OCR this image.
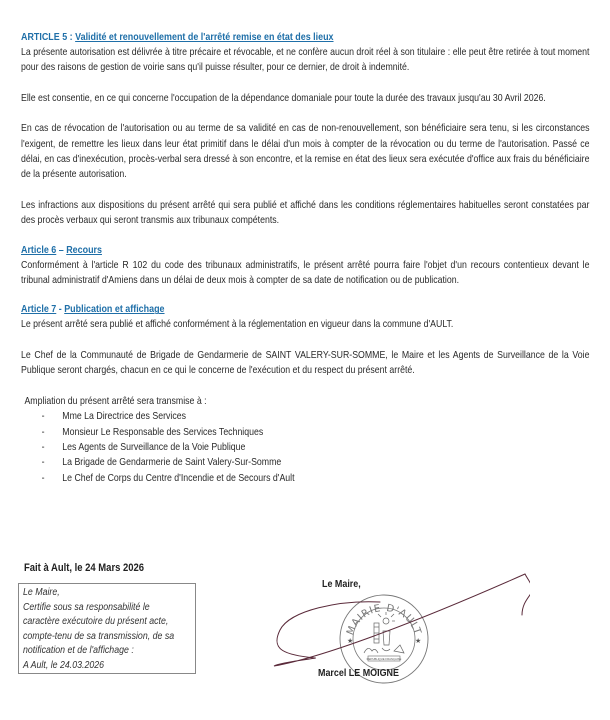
ARTICLE 5 : Validité et renouvellement de l'arrêté remise en état des lieux

La présente autorisation est délivrée à titre précaire et révocable, et ne confère aucun droit réel à son titulaire : elle peut être retirée à tout moment pour des raisons de gestion de voirie sans qu'il puisse résulter, pour ce dernier, de droit à indemnité.

Elle est consentie, en ce qui concerne l'occupation de la dépendance domaniale pour toute la durée des travaux jusqu'au 30 Avril 2026.

En cas de révocation de l'autorisation ou au terme de sa validité en cas de non-renouvellement, son bénéficiaire sera tenu, si les circonstances l'exigent, de remettre les lieux dans leur état primitif dans le délai d'un mois à compter de la révocation ou du terme de l'autorisation. Passé ce délai, en cas d'inexécution, procès-verbal sera dressé à son encontre, et la remise en état des lieux sera exécutée d'office aux frais du bénéficiaire de la présente autorisation.

Les infractions aux dispositions du présent arrêté qui sera publié et affiché dans les conditions réglementaires habituelles seront constatées par des procès verbaux qui seront transmis aux tribunaux compétents.

Article 6 – Recours

Conformément à l'article R 102 du code des tribunaux administratifs, le présent arrêté pourra faire l'objet d'un recours contentieux devant le tribunal administratif d'Amiens dans un délai de deux mois à compter de sa date de notification ou de publication.

Article 7 - Publication et affichage

Le présent arrêté sera publié et affiché conformément à la réglementation en vigueur dans la commune d'AULT.

Le Chef de la Communauté de Brigade de Gendarmerie de SAINT VALERY-SUR-SOMME, le Maire et les Agents de Surveillance de la Voie Publique seront chargés, chacun en ce qui le concerne de l'exécution et du respect du présent arrêté.

Ampliation du présent arrêté sera transmise à :
- Mme La Directrice des Services
- Monsieur Le Responsable des Services Techniques
- Les Agents de Surveillance de la Voie Publique
- La Brigade de Gendarmerie de Saint Valery-Sur-Somme
- Le Chef de Corps du Centre d'Incendie et de Secours d'Ault
Fait à Ault, le 24 Mars 2026
Le Maire,
Certifie sous sa responsabilité le
caractère exécutoire du présent acte,
compte-tenu de sa transmission, de sa
notification et de l'affichage :
A Ault, le 24.03.2026
Le Maire,
MAIRIE D'AULT
★	★
REPUBLIQUE FRANÇAISE
Marcel LE MOIGNE
